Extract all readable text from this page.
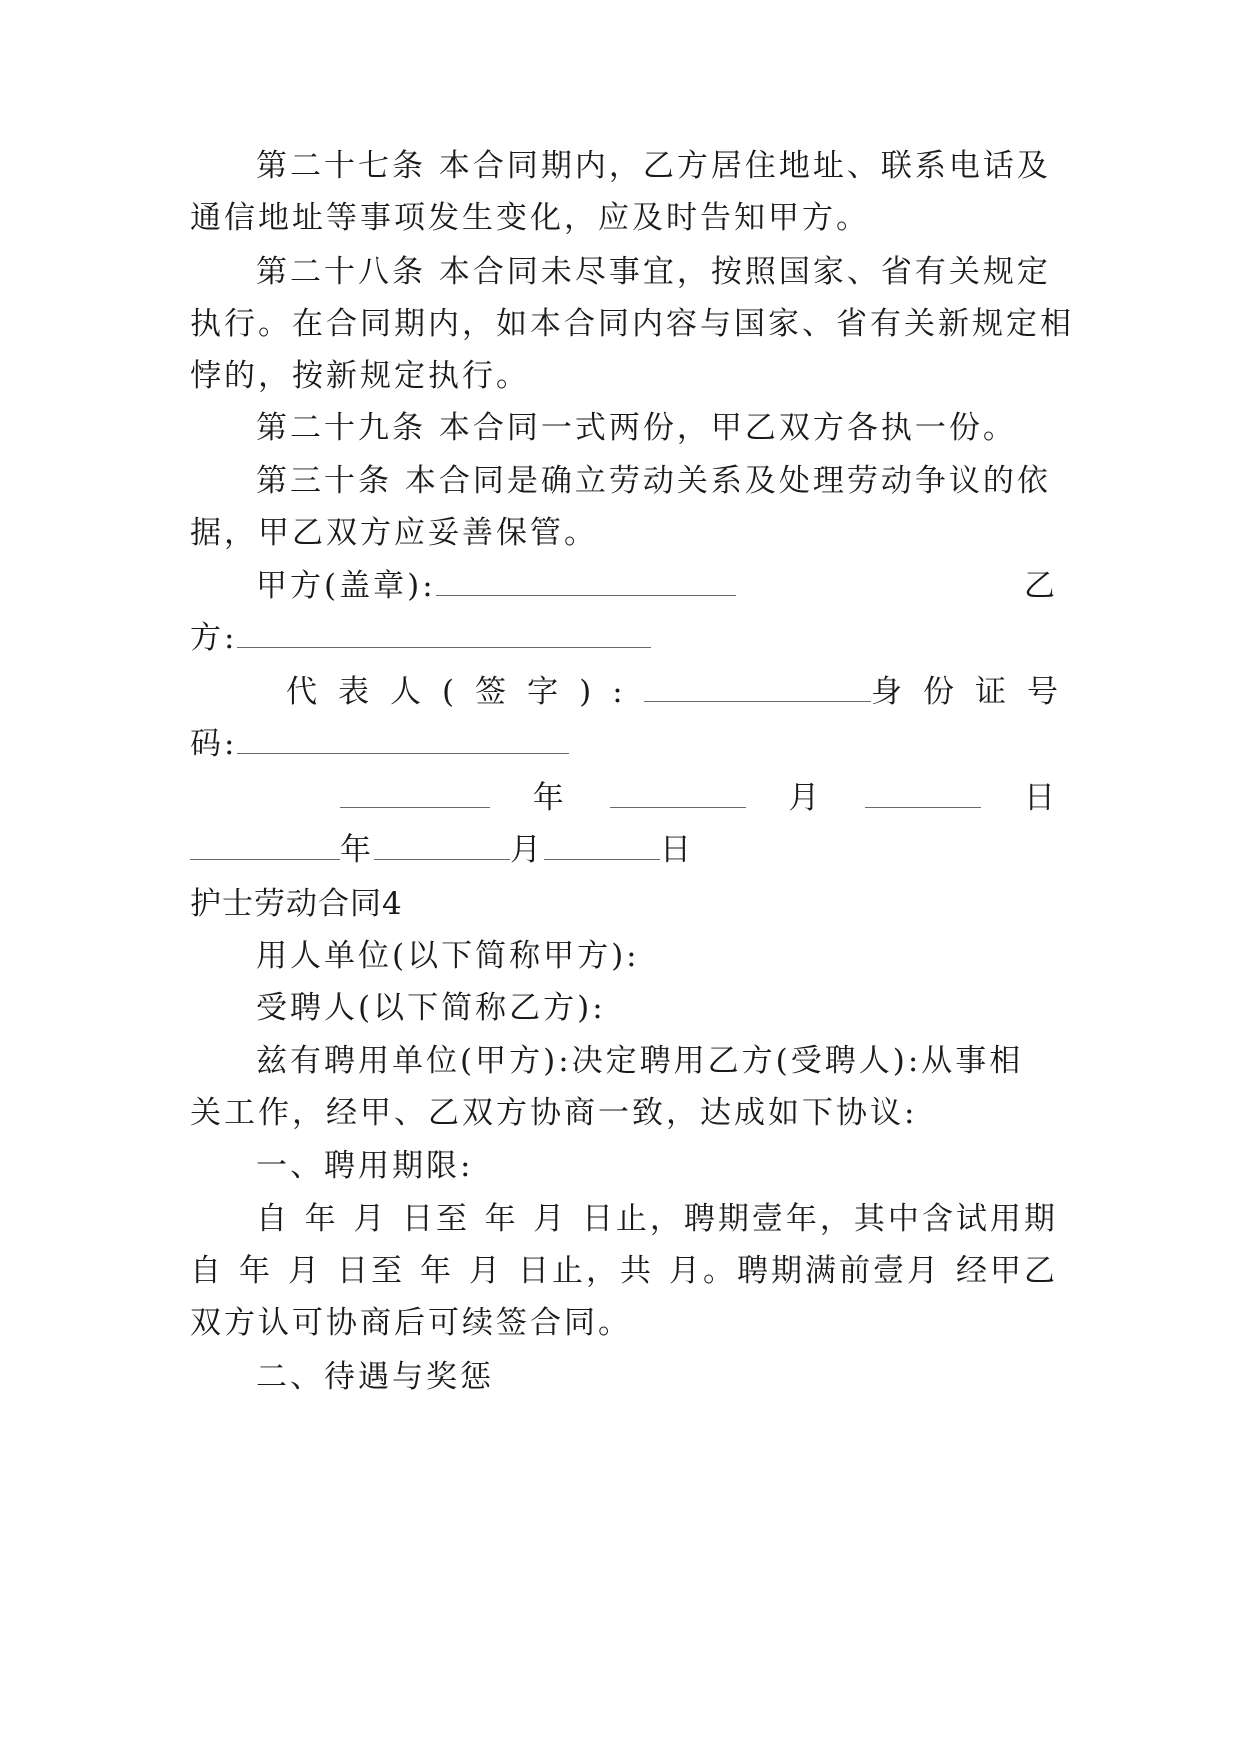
第二十七条 本合同期内，乙方居住地址、联系电话及
通信地址等事项发生变化，应及时告知甲方。
第二十八条 本合同未尽事宜，按照国家、省有关规定
执行。在合同期内，如本合同内容与国家、省有关新规定相
悖的，按新规定执行。
第二十九条 本合同一式两份，甲乙双方各执一份。
第三十条 本合同是确立劳动关系及处理劳动争议的依
据，甲乙双方应妥善保管。
甲方(盖章):	乙
方:
代表人(签字):	身份证号
码:
年	月	日
年	月	日
护士劳动合同4
用人单位(以下简称甲方):
受聘人(以下简称乙方):
兹有聘用单位(甲方):决定聘用乙方(受聘人):从事相
关工作，经甲、乙双方协商一致，达成如下协议:
一、聘用期限:
自 年 月 日至 年 月 日止，聘期壹年，其中含试用期
自 年 月 日至 年 月 日止，共 月。聘期满前壹月 经甲乙
双方认可协商后可续签合同。
二、待遇与奖惩
